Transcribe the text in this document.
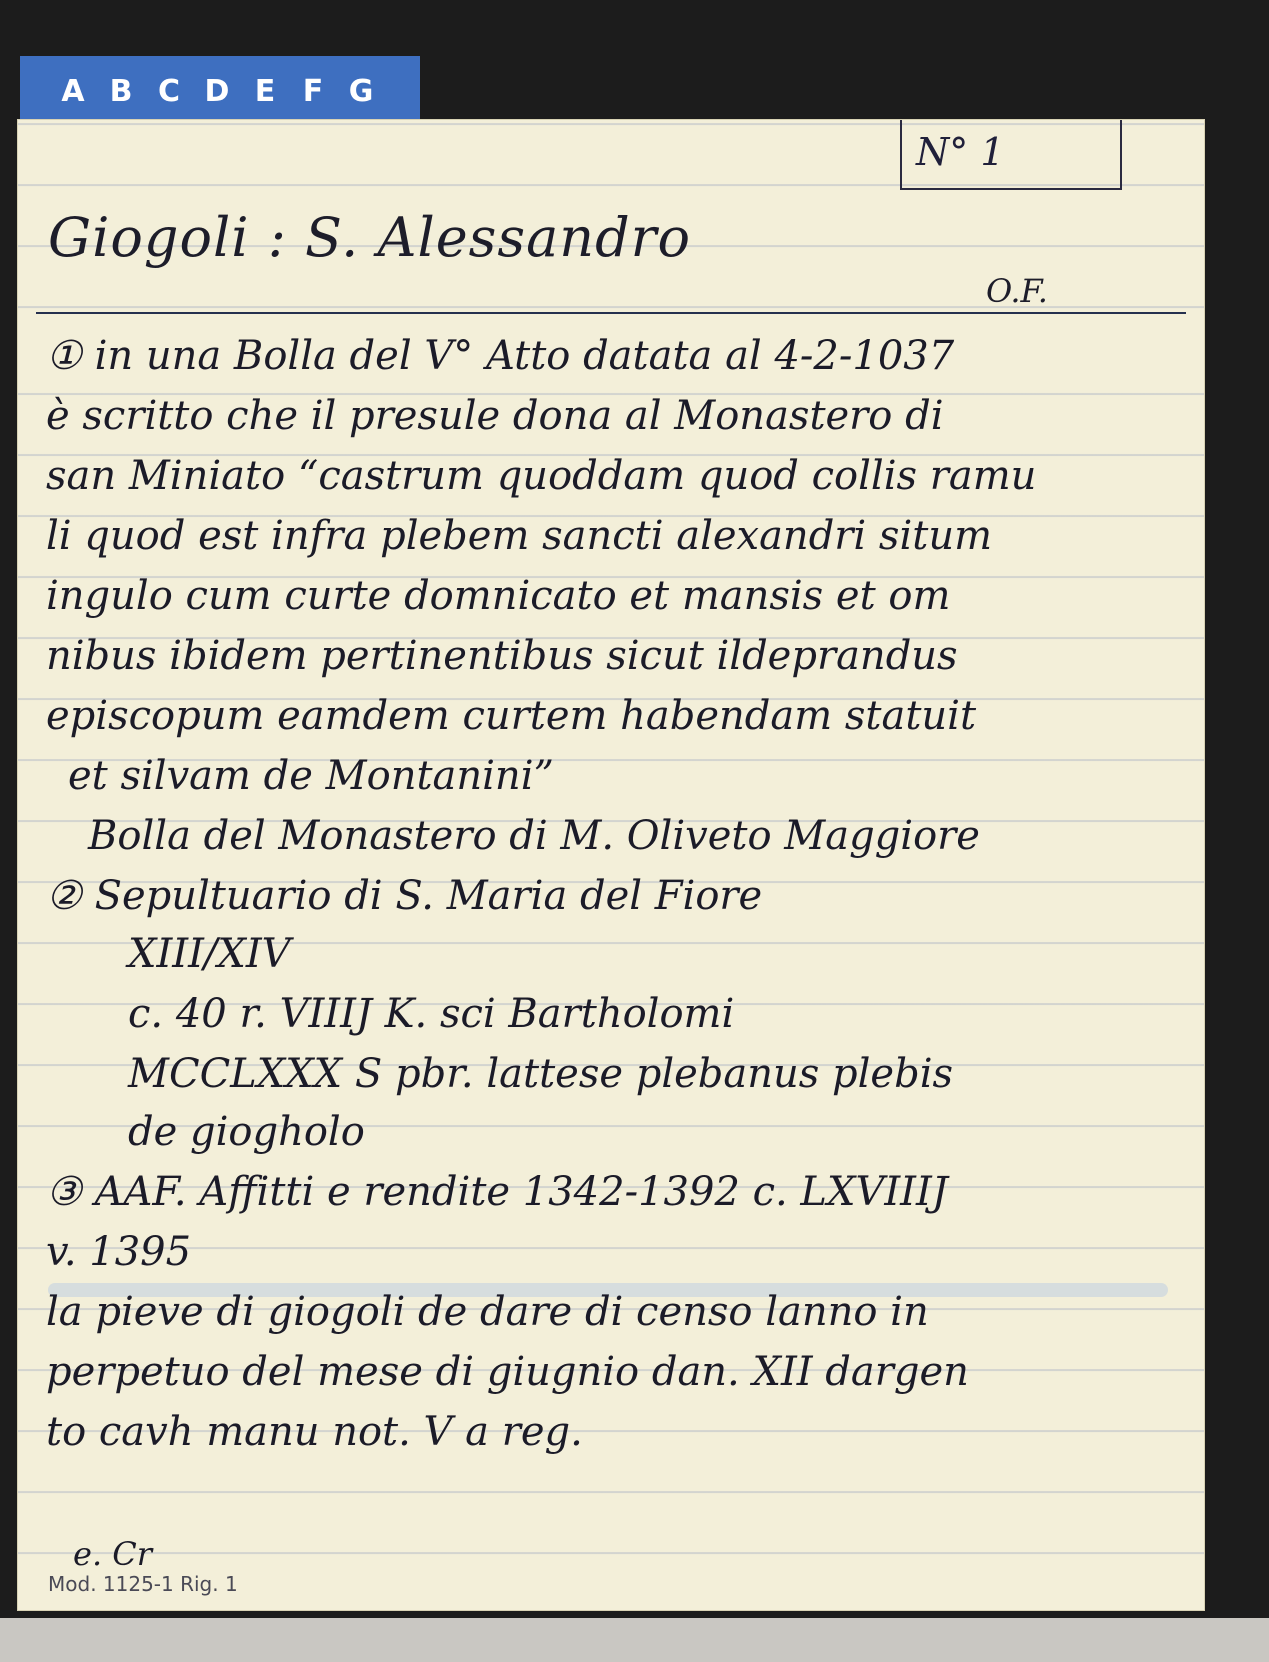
A B C D E F G
N° 1
Giogoli : S. Alessandro
O.F.
① in una Bolla del V° Atto datata al 4-2-1037
è scritto che il presule dona al Monastero di
san Miniato “castrum quoddam quod collis ramu
li quod est infra plebem sancti alexandri situm
ingulo cum curte domnicato et mansis et om
nibus ibidem pertinentibus sicut ildeprandus
episcopum eamdem curtem habendam statuit
et silvam de Montanini”
Bolla del Monastero di M. Oliveto Maggiore
② Sepultuario di S. Maria del Fiore
XIII/XIV
c. 40 r. VIIIJ K. sci Bartholomi
MCCLXXX S pbr. lattese plebanus plebis
de giogholo
③ AAF. Affitti e rendite 1342-1392 c. LXVIIIJ
v. 1395
la pieve di giogoli de dare di censo lanno in
perpetuo del mese di giugnio dan. XII dargen
to cavh manu not. V a reg.
e. Cr
Mod. 1125-1 Rig. 1
